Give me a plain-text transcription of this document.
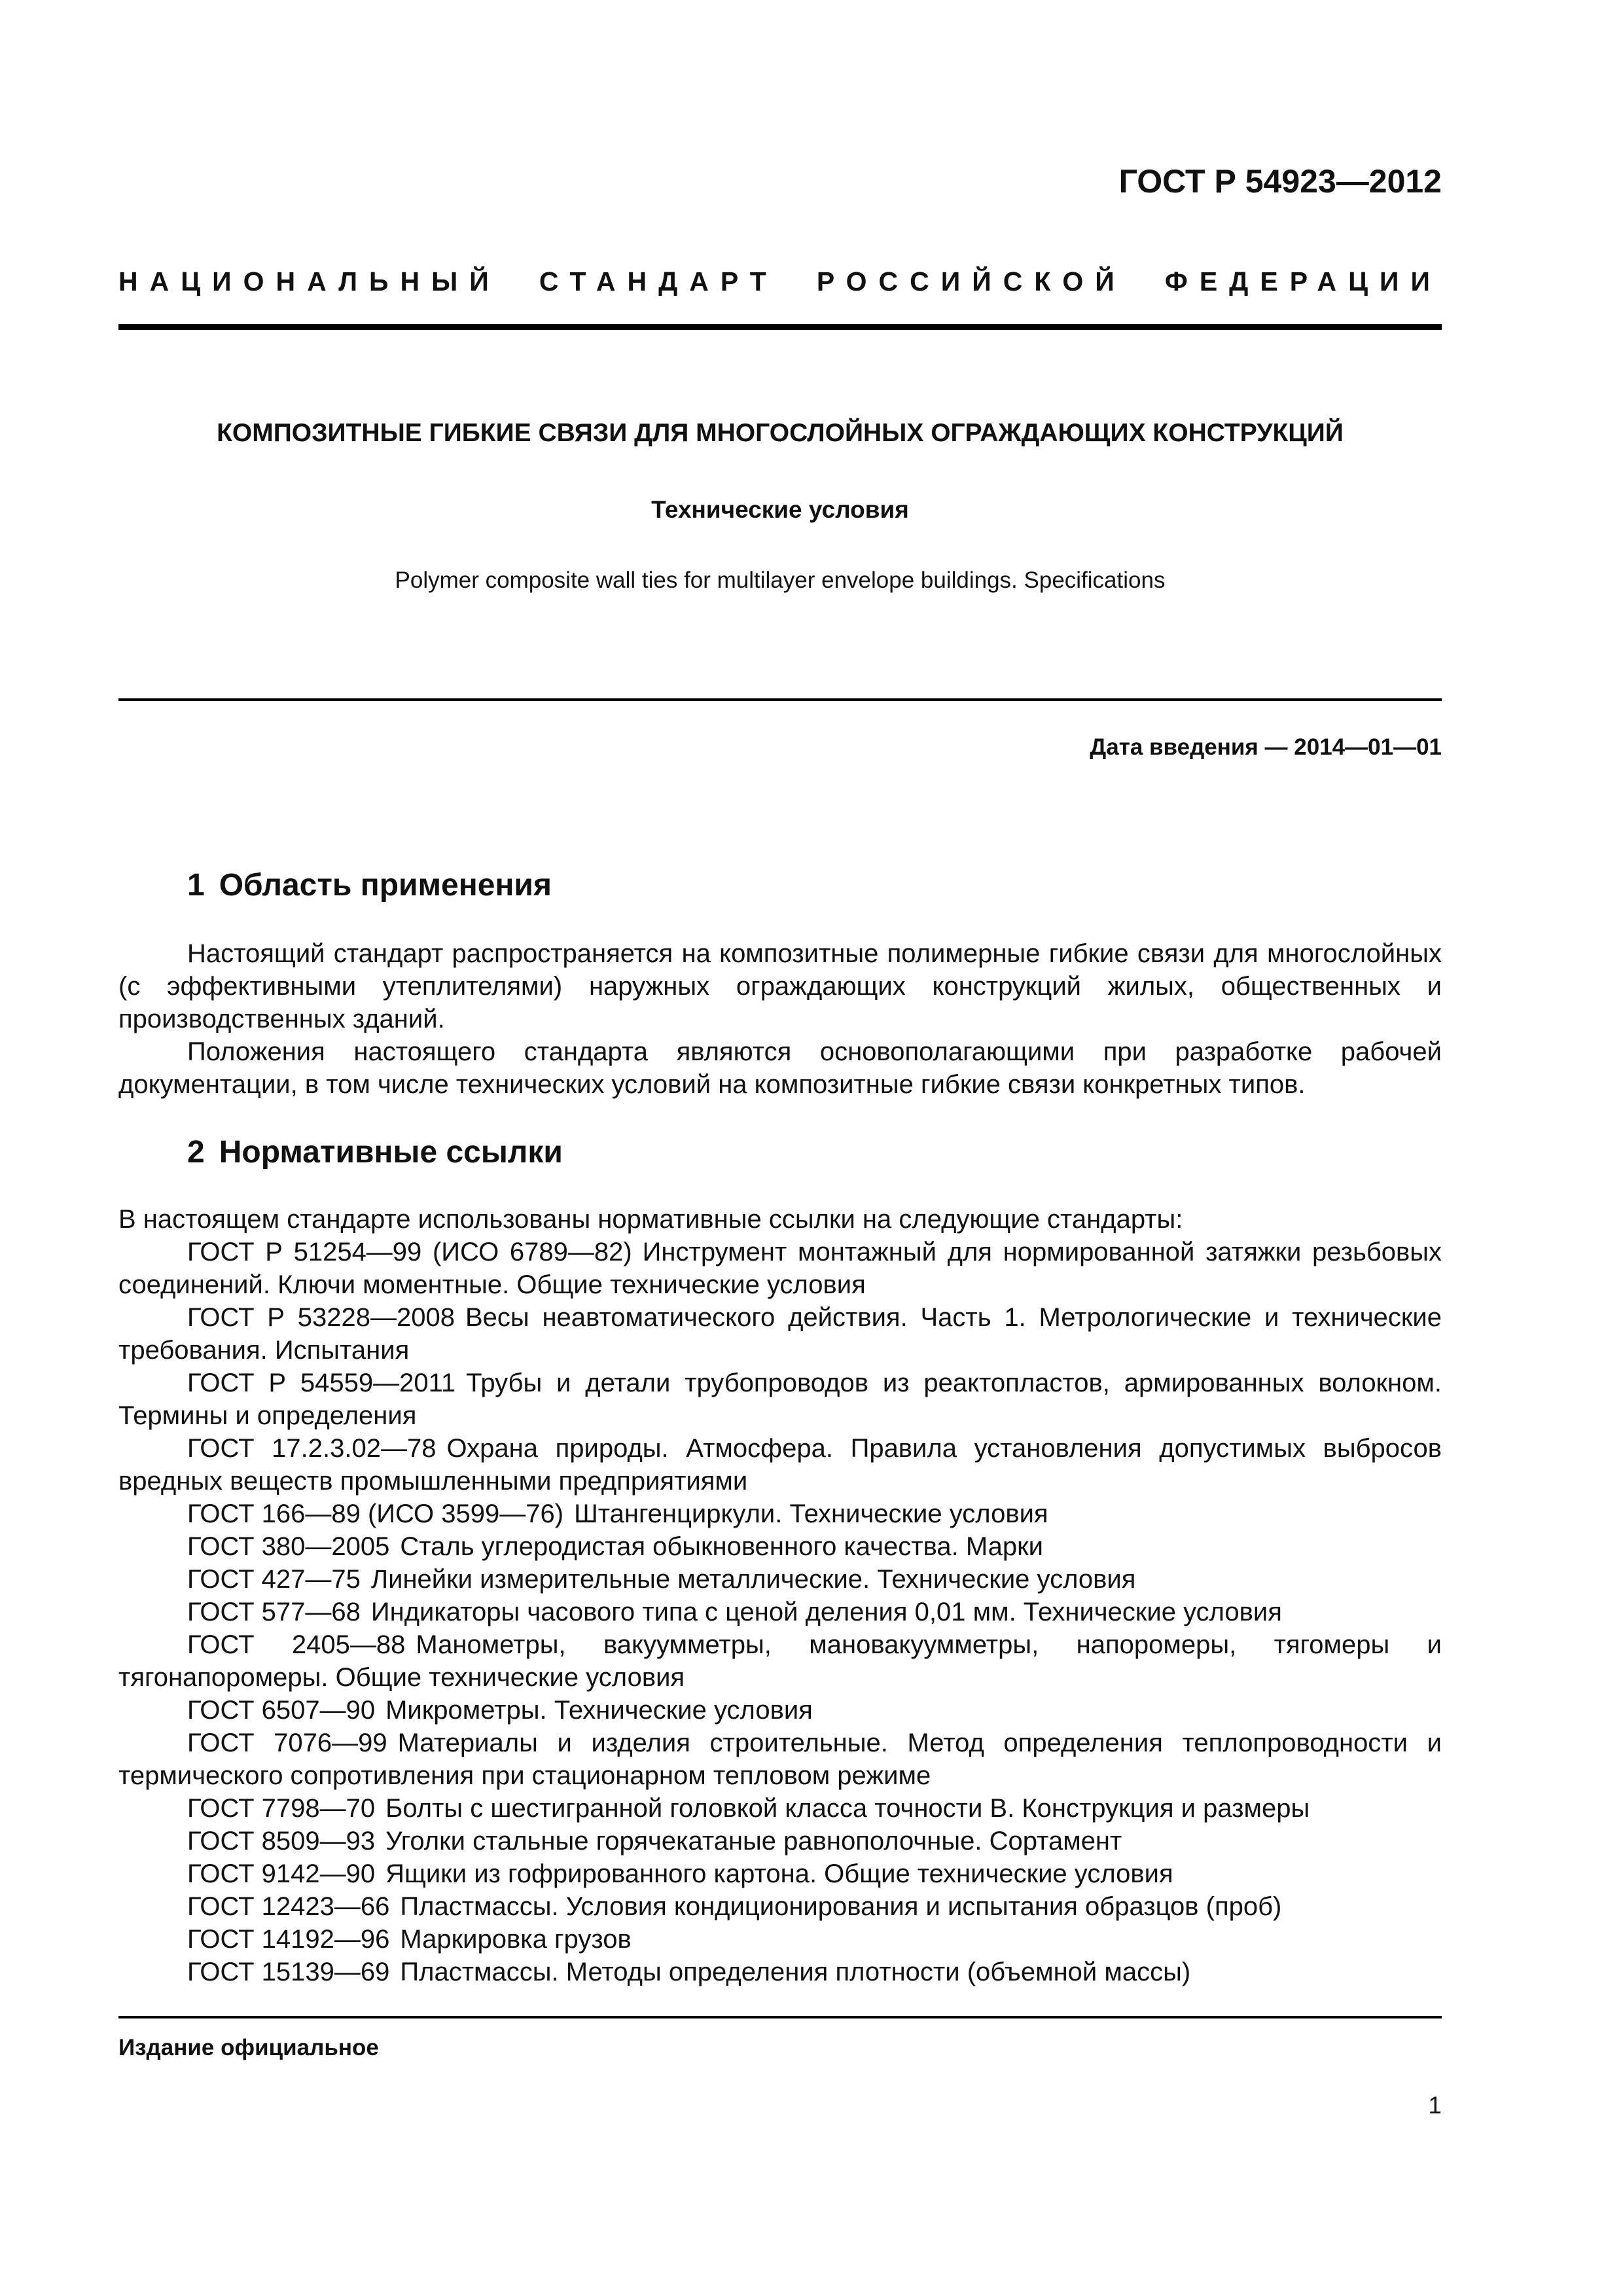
ГОСТ Р 54923—2012
НАЦИОНАЛЬНЫЙ СТАНДАРТ РОССИЙСКОЙ ФЕДЕРАЦИИ
КОМПОЗИТНЫЕ ГИБКИЕ СВЯЗИ ДЛЯ МНОГОСЛОЙНЫХ ОГРАЖДАЮЩИХ КОНСТРУКЦИЙ
Технические условия
Polymer composite wall ties for multilayer envelope buildings. Specifications
Дата введения — 2014—01—01
1 Область применения

Настоящий стандарт распространяется на композитные полимерные гибкие связи для многослойных (с эффективными утеплителями) наружных ограждающих конструкций жилых, общественных и производственных зданий.

Положения настоящего стандарта являются основополагающими при разработке рабочей документации, в том числе технических условий на композитные гибкие связи конкретных типов.

2 Нормативные ссылки

В настоящем стандарте использованы нормативные ссылки на следующие стандарты:

ГОСТ Р 51254—99 (ИСО 6789—82) Инструмент монтажный для нормированной затяжки резьбовых соединений. Ключи моментные. Общие технические условия

ГОСТ Р 53228—2008 Весы неавтоматического действия. Часть 1. Метрологические и технические требования. Испытания

ГОСТ Р 54559—2011 Трубы и детали трубопроводов из реактопластов, армированных волокном. Термины и определения

ГОСТ 17.2.3.02—78 Охрана природы. Атмосфера. Правила установления допустимых выбросов вредных веществ промышленными предприятиями

ГОСТ 166—89 (ИСО 3599—76) Штангенциркули. Технические условия

ГОСТ 380—2005 Сталь углеродистая обыкновенного качества. Марки

ГОСТ 427—75 Линейки измерительные металлические. Технические условия

ГОСТ 577—68 Индикаторы часового типа с ценой деления 0,01 мм. Технические условия

ГОСТ 2405—88 Манометры, вакуумметры, мановакуумметры, напоромеры, тягомеры и тягонапоромеры. Общие технические условия

ГОСТ 6507—90 Микрометры. Технические условия

ГОСТ 7076—99 Материалы и изделия строительные. Метод определения теплопроводности и термического сопротивления при стационарном тепловом режиме

ГОСТ 7798—70 Болты с шестигранной головкой класса точности В. Конструкция и размеры

ГОСТ 8509—93 Уголки стальные горячекатаные равнополочные. Сортамент

ГОСТ 9142—90 Ящики из гофрированного картона. Общие технические условия

ГОСТ 12423—66 Пластмассы. Условия кондиционирования и испытания образцов (проб)

ГОСТ 14192—96 Маркировка грузов

ГОСТ 15139—69 Пластмассы. Методы определения плотности (объемной массы)

Издание официальное
1
